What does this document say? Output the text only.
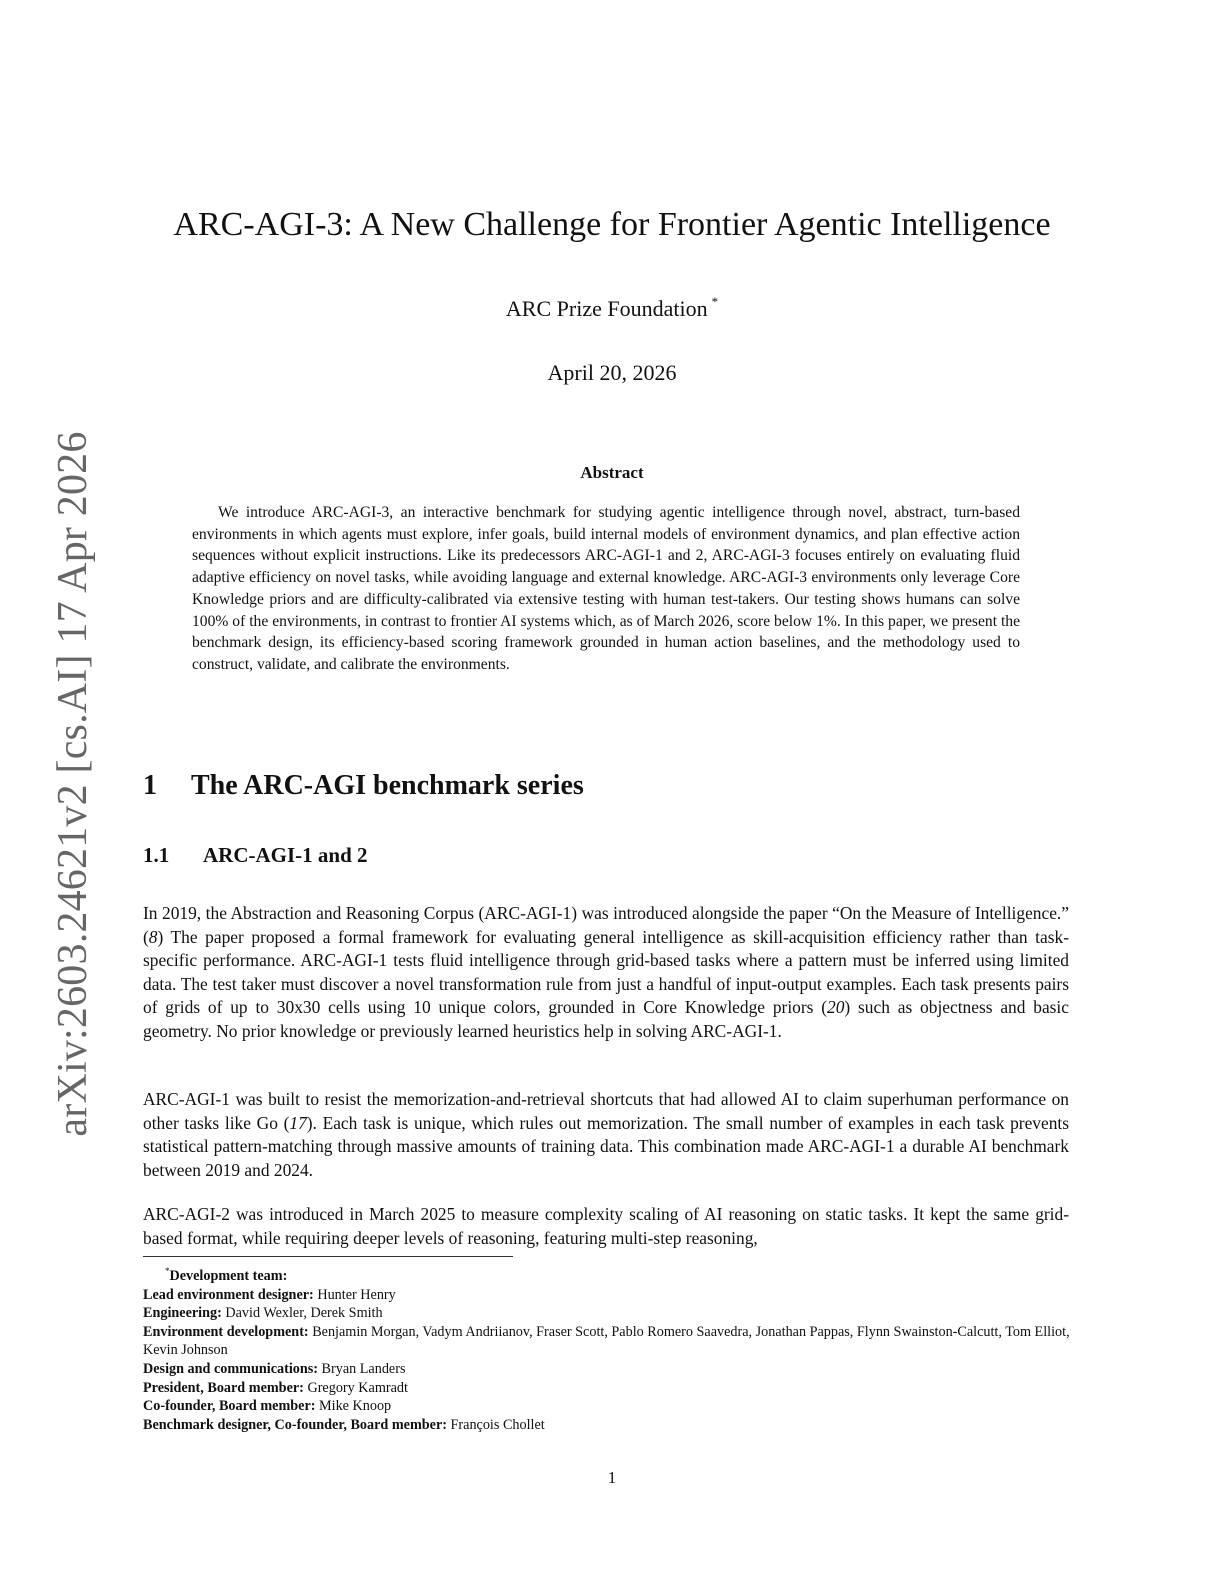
arXiv:2603.24621v2 [cs.AI] 17 Apr 2026
ARC-AGI-3: A New Challenge for Frontier Agentic Intelligence
ARC Prize Foundation *
April 20, 2026
Abstract
We introduce ARC-AGI-3, an interactive benchmark for studying agentic intelligence through novel, abstract, turn-based environments in which agents must explore, infer goals, build internal models of environment dynamics, and plan effective action sequences without explicit instructions. Like its predecessors ARC-AGI-1 and 2, ARC-AGI-3 focuses entirely on evaluating fluid adaptive efficiency on novel tasks, while avoiding language and external knowledge. ARC-AGI-3 environments only leverage Core Knowledge priors and are difficulty-calibrated via extensive testing with human test-takers. Our testing shows humans can solve 100% of the environments, in contrast to frontier AI systems which, as of March 2026, score below 1%. In this paper, we present the benchmark design, its efficiency-based scoring framework grounded in human action baselines, and the methodology used to construct, validate, and calibrate the environments.
1 The ARC-AGI benchmark series
1.1 ARC-AGI-1 and 2

In 2019, the Abstraction and Reasoning Corpus (ARC-AGI-1) was introduced alongside the paper “On the Measure of Intelligence.” (8) The paper proposed a formal framework for evaluating general intelligence as skill-acquisition efficiency rather than task-specific performance. ARC-AGI-1 tests fluid intelligence through grid-based tasks where a pattern must be inferred using limited data. The test taker must discover a novel transformation rule from just a handful of input-output examples. Each task presents pairs of grids of up to 30x30 cells using 10 unique colors, grounded in Core Knowledge priors (20) such as objectness and basic geometry. No prior knowledge or previously learned heuristics help in solving ARC-AGI-1.

ARC-AGI-1 was built to resist the memorization-and-retrieval shortcuts that had allowed AI to claim superhuman performance on other tasks like Go (17). Each task is unique, which rules out memorization. The small number of examples in each task prevents statistical pattern-matching through massive amounts of training data. This combination made ARC-AGI-1 a durable AI benchmark between 2019 and 2024.

ARC-AGI-2 was introduced in March 2025 to measure complexity scaling of AI reasoning on static tasks. It kept the same grid-based format, while requiring deeper levels of reasoning, featuring multi-step reasoning,

*Development team:

Lead environment designer: Hunter Henry

Engineering: David Wexler, Derek Smith

Environment development: Benjamin Morgan, Vadym Andriianov, Fraser Scott, Pablo Romero Saavedra, Jonathan Pappas, Flynn Swainston-Calcutt, Tom Elliot, Kevin Johnson

Design and communications: Bryan Landers

President, Board member: Gregory Kamradt

Co-founder, Board member: Mike Knoop

Benchmark designer, Co-founder, Board member: François Chollet

1
